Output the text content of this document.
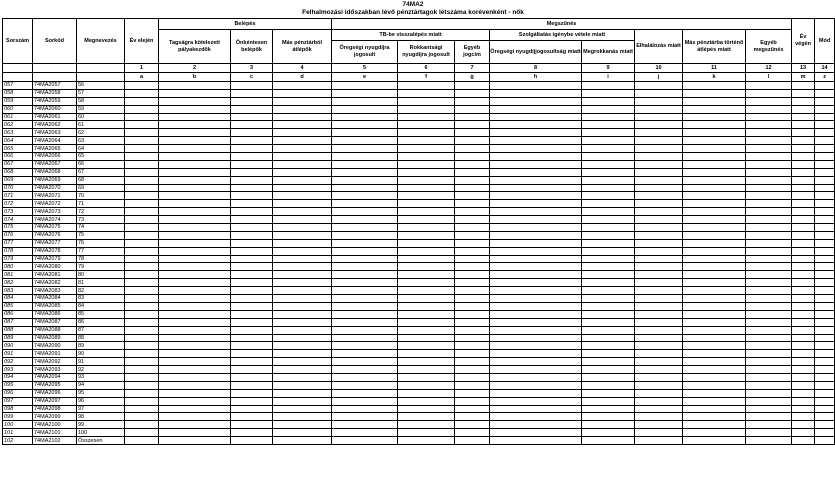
74MA2
Felhalmozási időszakban lévő pénztártagok létszáma korévenként - nők
Sorszám	Sorkód	Megnevezés	Év elején	Belépés			Megszűnés								Év végén	Mód
				Tagságra kötelezett pályakezdők	Önkéntesen belépők	Más pénztárból átlépők	TB-be visszalépés miatt			Szolgáltatás igénybe vétele miatt		Elhalálozás miatt	Más pénztárba történő átlépés miatt	Egyéb megszűnés		
							Öregségi nyugdíjra jogosult	Rokkantsági nyugdíjra jogosult	Egyéb jogcím	Öregségi nyugdíjjogosultság miatt	Megrokkanás miatt					
			1	2	3	4	5	6	7	8	9	10	11	12	13	14
			a	b	c	d	e	f	g	h	i	j	k	l	m	z
057	74MA2057	56														
058	74MA2058	57														
059	74MA2059	58														
060	74MA2060	59														
061	74MA2061	60														
062	74MA2062	61														
063	74MA2063	62														
064	74MA2064	63														
065	74MA2065	64														
066	74MA2066	65														
067	74MA2067	66														
068	74MA2068	67														
069	74MA2069	68														
070	74MA2070	69														
071	74MA2071	70														
072	74MA2072	71														
073	74MA2073	72														
074	74MA2074	73														
075	74MA2075	74														
076	74MA2076	75														
077	74MA2077	76														
078	74MA2078	77														
079	74MA2079	78														
080	74MA2080	79														
081	74MA2081	80														
082	74MA2082	81														
083	74MA2083	82														
084	74MA2084	83														
085	74MA2085	84														
086	74MA2086	85														
087	74MA2087	86														
088	74MA2088	87														
089	74MA2089	88														
090	74MA2090	89														
091	74MA2091	90														
092	74MA2092	91														
093	74MA2093	92														
094	74MA2094	93														
095	74MA2095	94														
096	74MA2096	95														
097	74MA2097	96														
098	74MA2098	97														
099	74MA2099	98														
100	74MA2100	99														
101	74MA2101	100														
102	74MA2102	Összesen														
